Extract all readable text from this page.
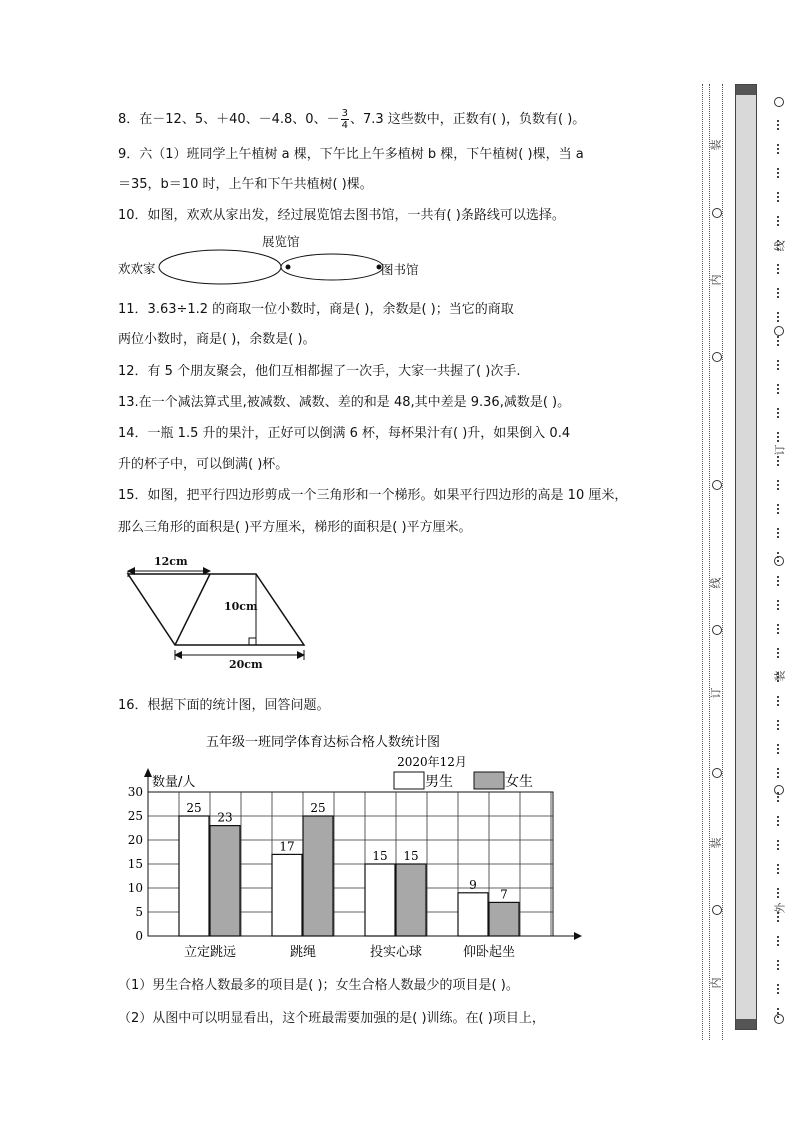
8．在－12、5、＋40、－4.8、0、－ $\frac{3}{4}$ 、7.3 这些数中，正数有( )，负数有( )。
9．六（1）班同学上午植树 a 棵，下午比上午多植树 b 棵，下午植树( )棵，当 a
＝35，b＝10 时，上午和下午共植树( )棵。
10．如图，欢欢从家出发，经过展览馆去图书馆，一共有( )条路线可以选择。
欢欢家
展览馆
图书馆
11．3.63÷1.2 的商取一位小数时，商是( )，余数是( )；当它的商取
两位小数时，商是( )，余数是( )。
12．有 5 个朋友聚会，他们互相都握了一次手，大家一共握了( )次手.
13.在一个减法算式里,被减数、减数、差的和是 48,其中差是 9.36,减数是( )。
14．一瓶 1.5 升的果汁，正好可以倒满 6 杯，每杯果汁有( )升，如果倒入 0.4
升的杯子中，可以倒满( )杯。
15．如图，把平行四边形剪成一个三角形和一个梯形。如果平行四边形的高是 10 厘米，
那么三角形的面积是( )平方厘米，梯形的面积是( )平方厘米。
12cm
10cm
20cm
16．根据下面的统计图，回答问题。
0
5
10
15
20
25
30
五年级一班同学体育达标合格人数统计图
2020年12月
数量/人	男生	女生
25
23
立定跳远
17
25
跳绳
15 15
投实心球
9
7
仰卧起坐
（1）男生合格人数最多的项目是( )；女生合格人数最少的项目是( )。
（2）从图中可以明显看出，这个班最需要加强的是( )训练。在( )项目上，
装
内
线
订
装
内
线
订
装
外
